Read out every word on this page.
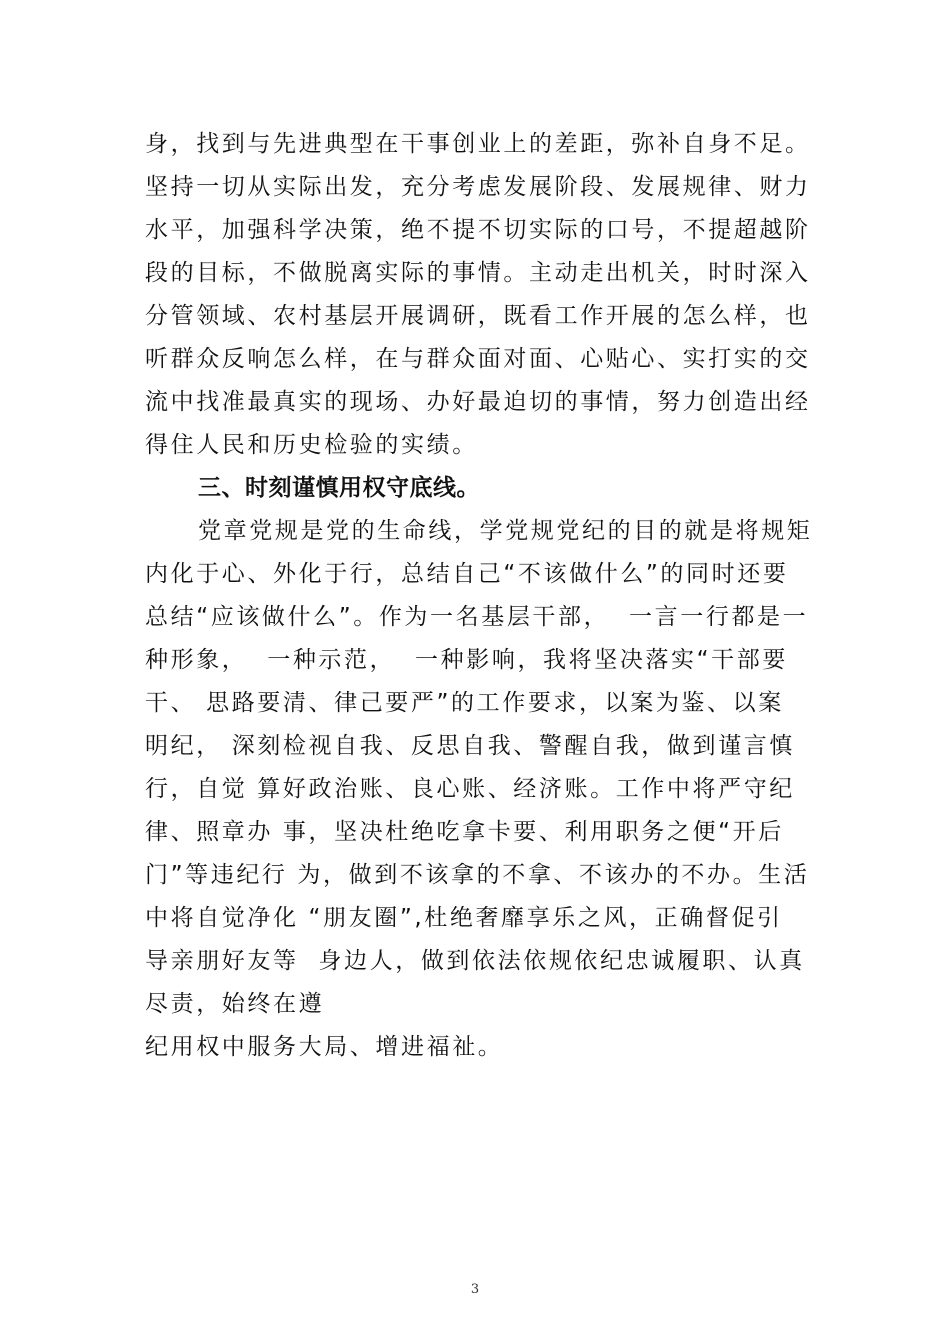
身，找到与先进典型在干事创业上的差距，弥补自身不足。
坚持一切从实际出发，充分考虑发展阶段、发展规律、财力
水平，加强科学决策，绝不提不切实际的口号，不提超越阶
段的目标，不做脱离实际的事情。主动走出机关，时时深入
分管领域、农村基层开展调研，既看工作开展的怎么样，也
听群众反响怎么样，在与群众面对面、心贴心、实打实的交
流中找准最真实的现场、办好最迫切的事情，努力创造出经
得住人民和历史检验的实绩。
三、时刻谨慎用权守底线。
党章党规是党的生命线，学党规党纪的目的就是将规矩
内化于心、外化于行，总结自己“不该做什么”的同时还要
总结“应该做什么”。作为一名基层干部，  一言一行都是一
种形象，  一种示范，  一种影响，我将坚决落实“干部要
干、 思路要清、律己要严”的工作要求，以案为鉴、以案
明纪， 深刻检视自我、反思自我、警醒自我，做到谨言慎
行，自觉 算好政治账、良心账、经济账。工作中将严守纪
律、照章办 事，坚决杜绝吃拿卡要、利用职务之便“开后
门”等违纪行 为，做到不该拿的不拿、不该办的不办。生活
中将自觉净化 “朋友圈”,杜绝奢靡享乐之风，正确督促引
导亲朋好友等  身边人，做到依法依规依纪忠诚履职、认真
尽责，始终在遵
纪用权中服务大局、增进福祉。
3
